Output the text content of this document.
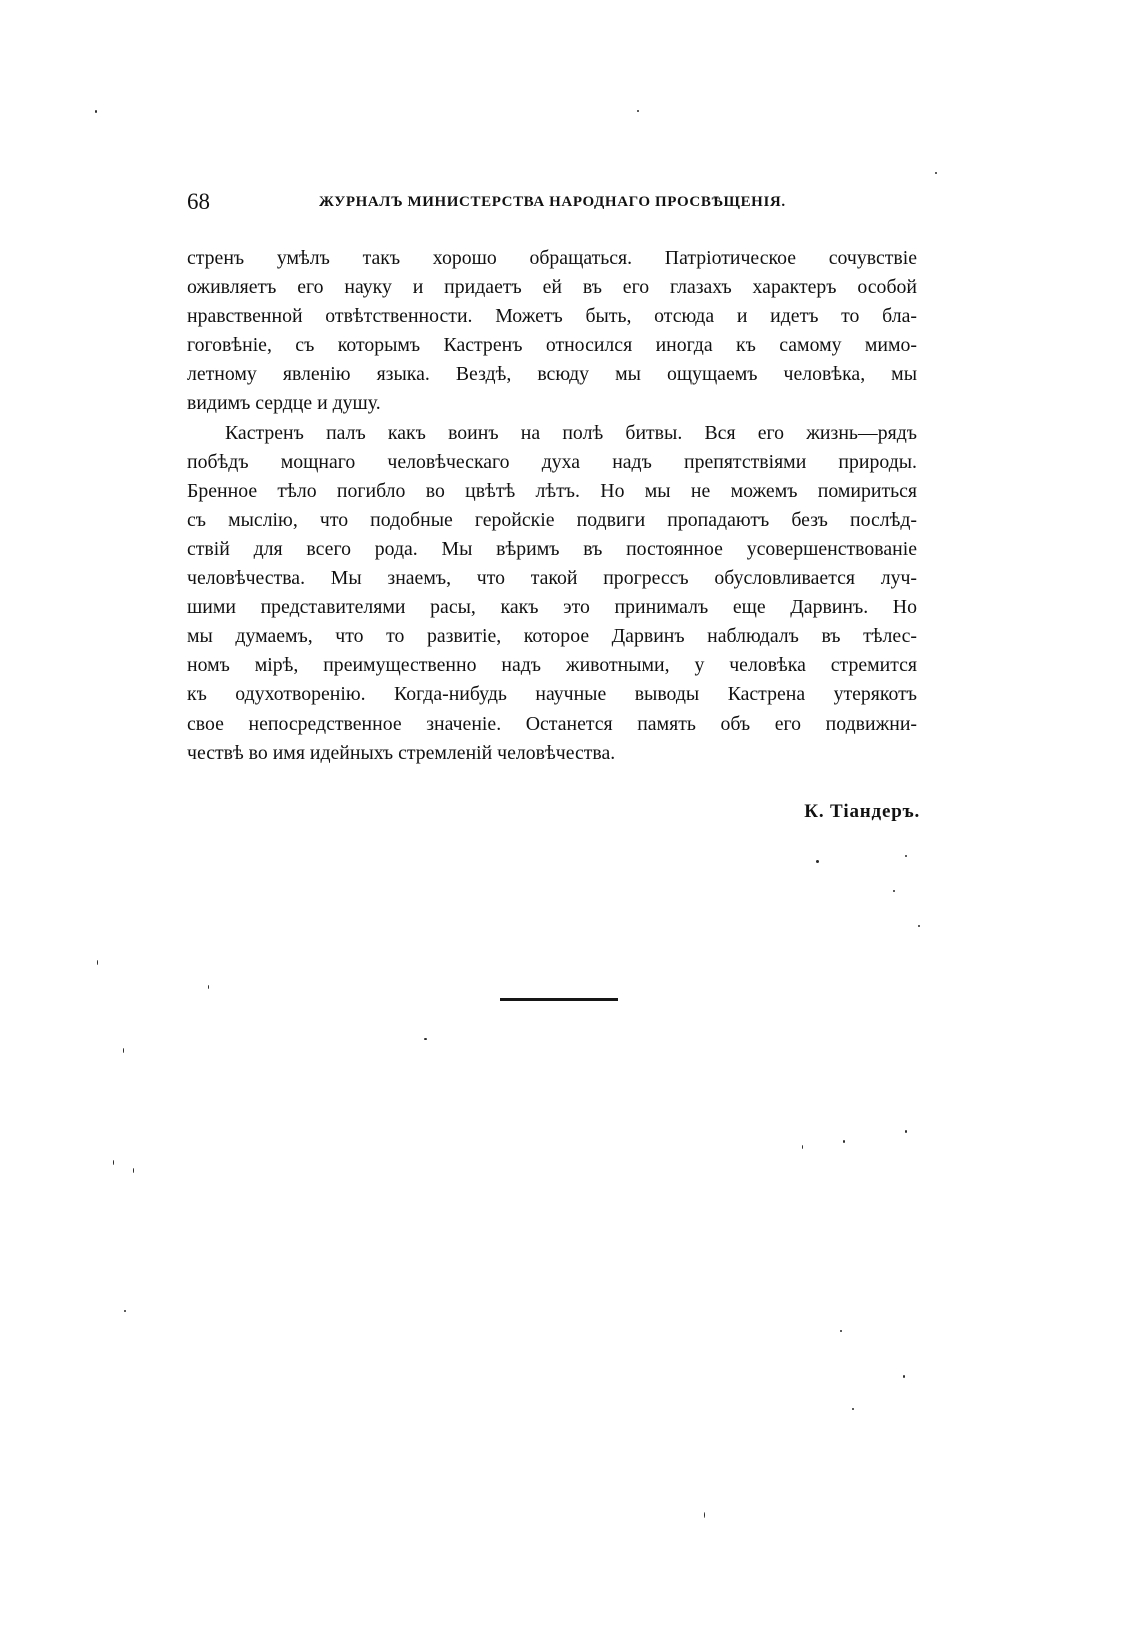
68	ЖУРНАЛЪ МИНИСТЕРСТВА НАРОДНАГО ПРОСВѢЩЕНІЯ.
стренъ умѣлъ такъ хорошо обращаться. Патріотическое сочувствіе
оживляетъ его науку и придаетъ ей въ его глазахъ характеръ особой
нравственной отвѣтственности. Можетъ быть, отсюда и идетъ то бла-
гоговѣніе, съ которымъ Кастренъ относился иногда къ самому мимо-
летному явленію языка. Вездѣ, всюду мы ощущаемъ человѣка, мы
видимъ сердце и душу.
Кастренъ палъ какъ воинъ на полѣ битвы. Вся его жизнь—рядъ
побѣдъ мощнаго человѣческаго духа надъ препятствіями природы.
Бренное тѣло погибло во цвѣтѣ лѣтъ. Но мы не можемъ помириться
съ мыслію, что подобные геройскіе подвиги пропадаютъ безъ послѣд-
ствій для всего рода. Мы вѣримъ въ постоянное усовершенствованіе
человѣчества. Мы знаемъ, что такой прогрессъ обусловливается луч-
шими представителями расы, какъ это принималъ еще Дарвинъ. Но
мы думаемъ, что то развитіе, которое Дарвинъ наблюдалъ въ тѣлес-
номъ мірѣ, преимущественно надъ животными, у человѣка стремится
къ одухотворенію. Когда-нибудь научные выводы Кастрена утерякотъ
свое непосредственное значеніе. Останется память объ его подвижни-
чествѣ во имя идейныхъ стремленій человѣчества.
К. Тіандеръ.
